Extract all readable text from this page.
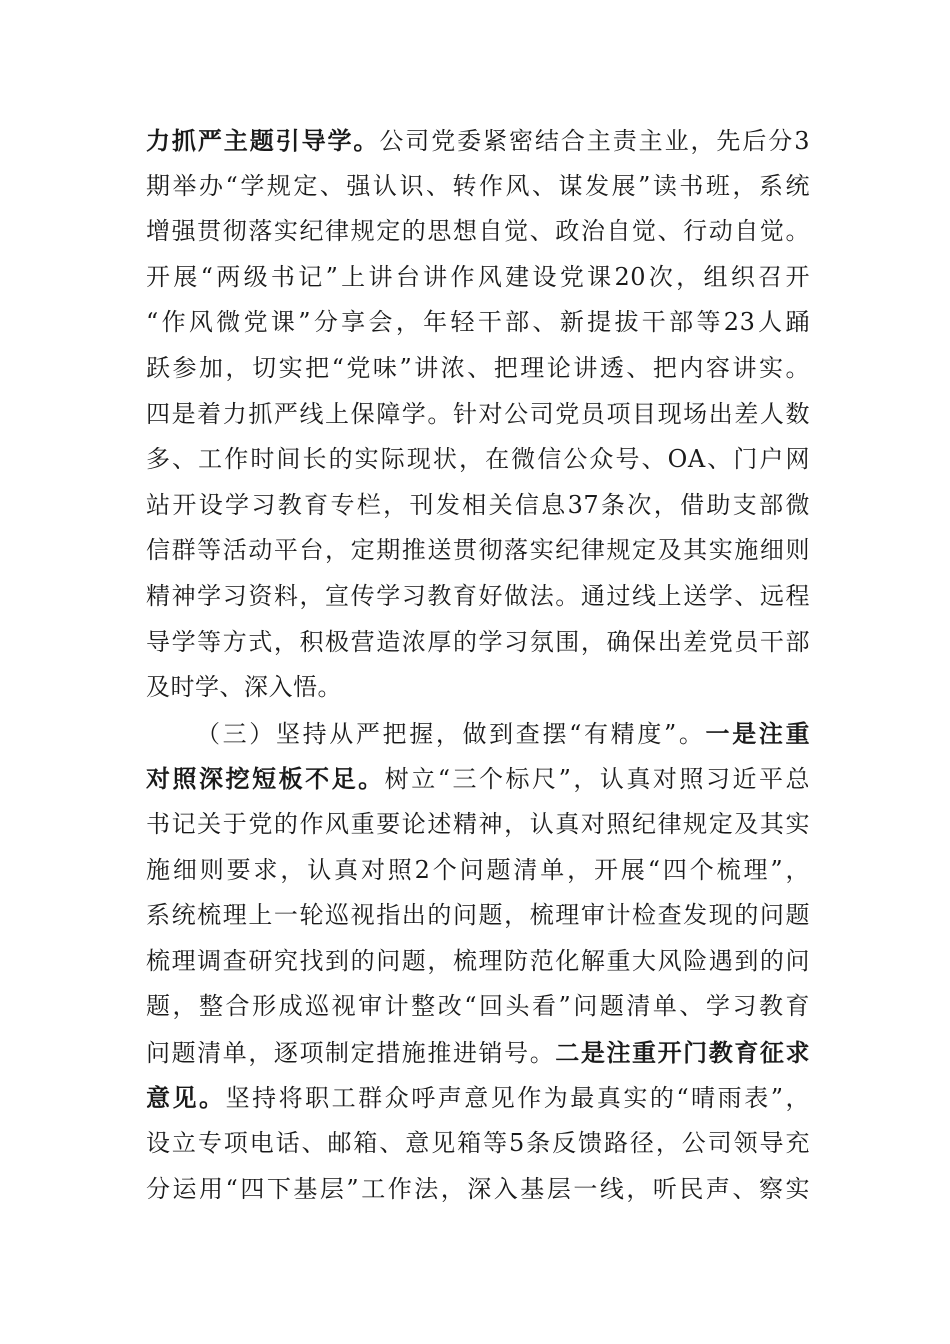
力抓严主题引导学。公司党委紧密结合主责主业，先后分3
期举办“学规定、强认识、转作风、谋发展”读书班，系统
增强贯彻落实纪律规定的思想自觉、政治自觉、行动自觉。
开展“两级书记”上讲台讲作风建设党课20次，组织召开
“作风微党课”分享会，年轻干部、新提拔干部等23人踊
跃参加，切实把“党味”讲浓、把理论讲透、把内容讲实。
四是着力抓严线上保障学。针对公司党员项目现场出差人数
多、工作时间长的实际现状，在微信公众号、OA、门户网
站开设学习教育专栏，刊发相关信息37条次，借助支部微
信群等活动平台，定期推送贯彻落实纪律规定及其实施细则
精神学习资料，宣传学习教育好做法。通过线上送学、远程
导学等方式，积极营造浓厚的学习氛围，确保出差党员干部
及时学、深入悟。
（三）坚持从严把握，做到查摆“有精度”。一是注重
对照深挖短板不足。树立“三个标尺”，认真对照习近平总
书记关于党的作风重要论述精神，认真对照纪律规定及其实
施细则要求，认真对照2个问题清单，开展“四个梳理”，
系统梳理上一轮巡视指出的问题，梳理审计检查发现的问题
梳理调查研究找到的问题，梳理防范化解重大风险遇到的问
题，整合形成巡视审计整改“回头看”问题清单、学习教育
问题清单，逐项制定措施推进销号。二是注重开门教育征求
意见。坚持将职工群众呼声意见作为最真实的“晴雨表”，
设立专项电话、邮箱、意见箱等5条反馈路径，公司领导充
分运用“四下基层”工作法，深入基层一线，听民声、察实
